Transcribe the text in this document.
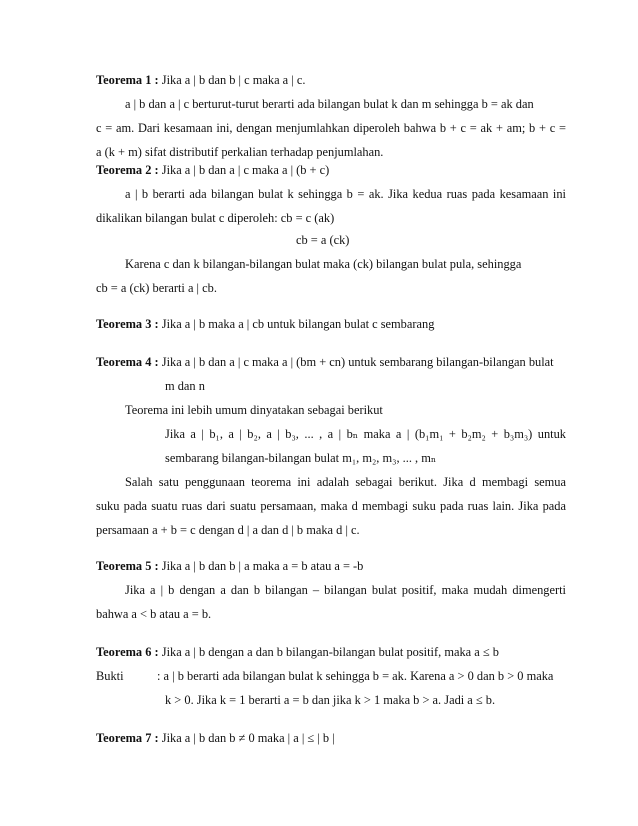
Teorema 1 : Jika a | b dan b | c maka a | c.
a | b dan a | c berturut-turut berarti ada bilangan bulat k dan m sehingga b = ak dan
c = am. Dari kesamaan ini, dengan menjumlahkan diperoleh bahwa b + c = ak + am; b + c =
a (k + m) sifat distributif perkalian terhadap penjumlahan.
Teorema 2 : Jika a | b dan a | c maka a | (b + c)
a | b berarti ada bilangan bulat k sehingga b = ak. Jika kedua ruas pada kesamaan ini
dikalikan bilangan bulat c diperoleh: cb = c (ak)
cb = a (ck)
Karena c dan k bilangan-bilangan bulat maka (ck) bilangan bulat pula, sehingga
cb = a (ck) berarti a | cb.
Teorema 3 : Jika a | b maka a | cb untuk bilangan bulat c sembarang
Teorema 4 : Jika a | b dan a | c maka a | (bm + cn) untuk sembarang bilangan-bilangan bulat
m dan n
Teorema ini lebih umum dinyatakan sebagai berikut
Jika a | b₁, a | b₂, a | b₃, ... , a | bₙ maka a | (b₁m₁ + b₂m₂ + b₃m₃) untuk
sembarang bilangan-bilangan bulat m₁, m₂, m₃, ... , mₙ
Salah satu penggunaan teorema ini adalah sebagai berikut. Jika d membagi semua
suku pada suatu ruas dari suatu persamaan, maka d membagi suku pada ruas lain. Jika pada
persamaan a + b = c dengan d | a dan d | b maka d | c.
Teorema 5 : Jika a | b dan b | a maka a = b atau a = -b
Jika a | b dengan a dan b bilangan – bilangan bulat positif, maka mudah dimengerti
bahwa a < b atau a = b.
Teorema 6 : Jika a | b dengan a dan b bilangan-bilangan bulat positif, maka a ≤ b
Bukti	: a | b berarti ada bilangan bulat k sehingga b = ak. Karena a > 0 dan b > 0 maka
k > 0. Jika k = 1 berarti a = b dan jika k > 1 maka b > a. Jadi a ≤ b.
Teorema 7 : Jika a | b dan b ≠ 0 maka | a | ≤ | b |
